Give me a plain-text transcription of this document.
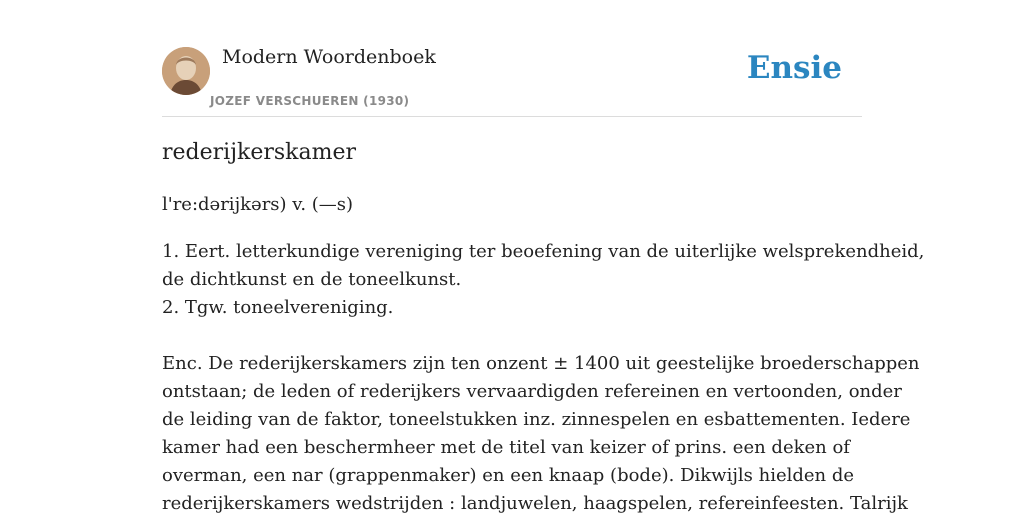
Modern Woordenboek
JOZEF VERSCHUEREN (1930)
Ensie
rederijkerskamer
l're:dərijkərs) v. (—s)
1. Eert. letterkundige vereniging ter beoefening van de uiterlijke welsprekendheid,
de dichtkunst en de toneelkunst.
2. Tgw. toneelvereniging.
Enc. De rederijkerskamers zijn ten onzent ± 1400 uit geestelijke broederschappen
ontstaan; de leden of rederijkers vervaardigden refereinen en vertoonden, onder
de leiding van de faktor, toneelstukken inz. zinnespelen en esbattementen. Iedere
kamer had een beschermheer met de titel van keizer of prins. een deken of
overman, een nar (grappenmaker) en een knaap (bode). Dikwijls hielden de
rederijkerskamers wedstrijden : landjuwelen, haagspelen, refereinfeesten. Talrijk
